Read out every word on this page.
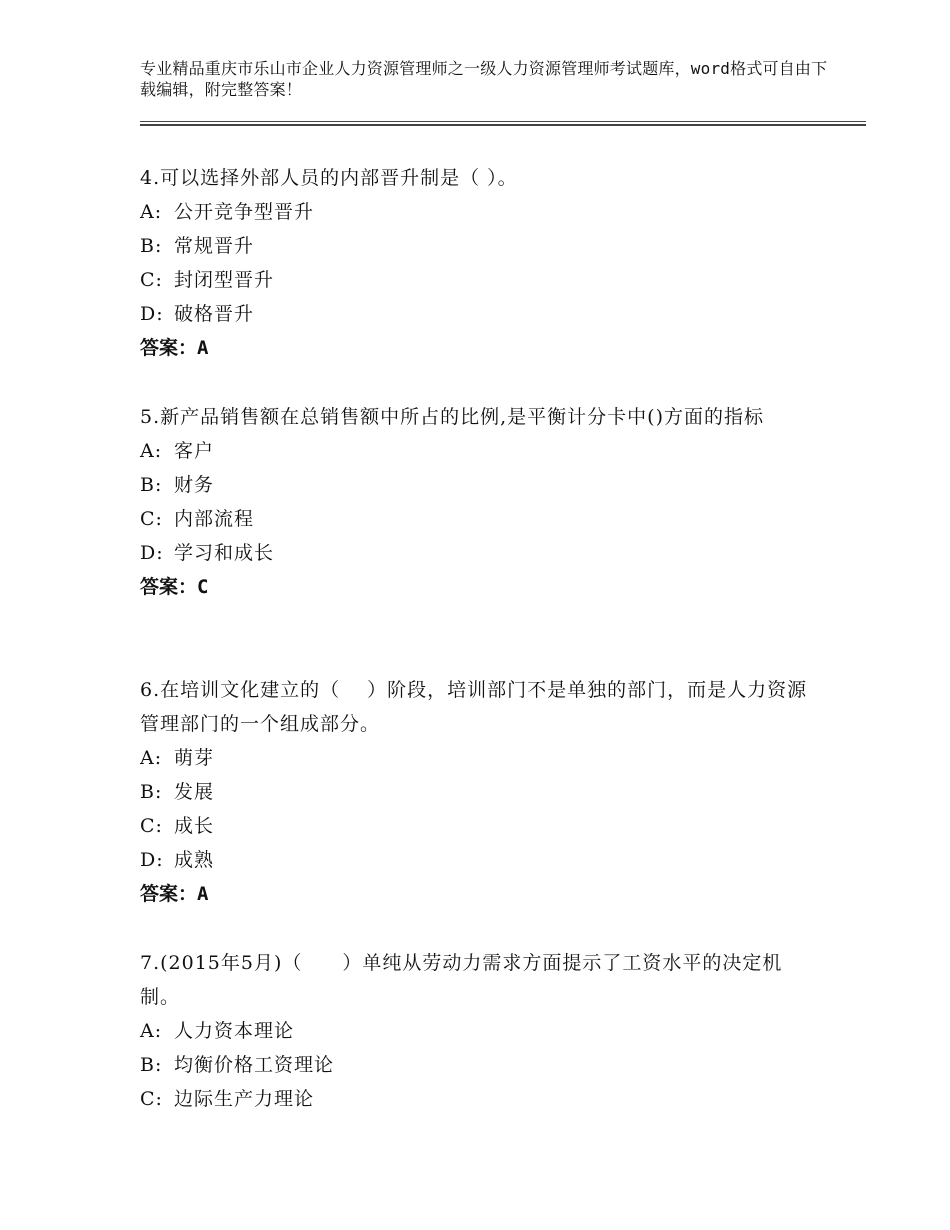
专业精品重庆市乐山市企业人力资源管理师之一级人力资源管理师考试题库，word格式可自由下载编辑，附完整答案！

4.可以选择外部人员的内部晋升制是（ ）。

A: 公开竞争型晋升

B: 常规晋升

C: 封闭型晋升

D: 破格晋升

答案：A

5.新产品销售额在总销售额中所占的比例,是平衡计分卡中()方面的指标

A: 客户

B: 财务

C: 内部流程

D: 学习和成长

答案：C

6.在培训文化建立的（　 ）阶段，培训部门不是单独的部门，而是人力资源管理部门的一个组成部分。

A: 萌芽

B: 发展

C: 成长

D: 成熟

答案：A

7.(2015年5月)（　　）单纯从劳动力需求方面提示了工资水平的决定机制。

A: 人力资本理论

B: 均衡价格工资理论

C: 边际生产力理论
